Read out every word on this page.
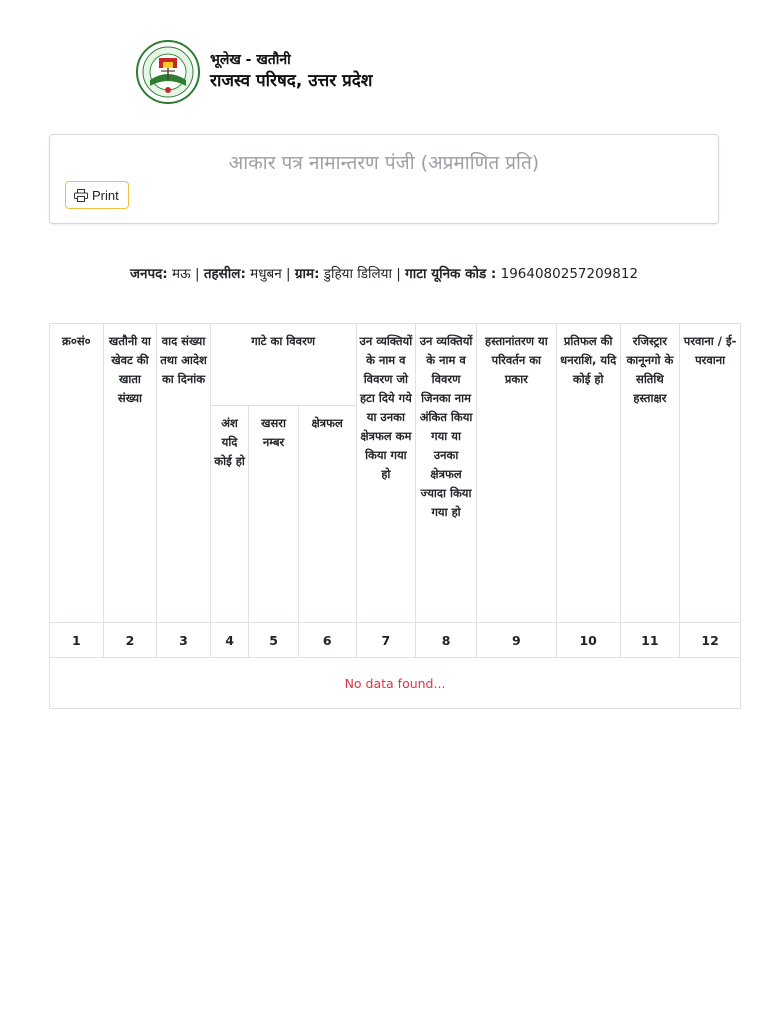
भूलेख - खतौनी
राजस्व परिषद, उत्तर प्रदेश
आकार पत्र नामान्तरण पंजी (अप्रमाणित प्रति)
Print
जनपद: मऊ | तहसील: मधुबन | ग्राम: डुहिया डिलिया | गाटा यूनिक कोड : 1964080257209812
क्र०सं०	खतौनी या खेवट की खाता संख्या	वाद संख्या तथा आदेश का दिनांक	गाटे का विवरण			उन व्यक्तियों के नाम व विवरण जो हटा दिये गये या उनका क्षेत्रफल कम किया गया हो	उन व्यक्तियों के नाम व विवरण जिनका नाम अंकित किया गया या उनका क्षेत्रफल ज्यादा किया गया हो	हस्तानांतरण या परिवर्तन का प्रकार	प्रतिफल की धनराशि, यदि कोई हो	रजिस्ट्रार कानूनगो के सतिथि हस्ताक्षर	परवाना / ई-परवाना
			अंश यदि कोई हो	खसरा नम्बर	क्षेत्रफल						
1	2	3	4	5	6	7	8	9	10	11	12
No data found...											
